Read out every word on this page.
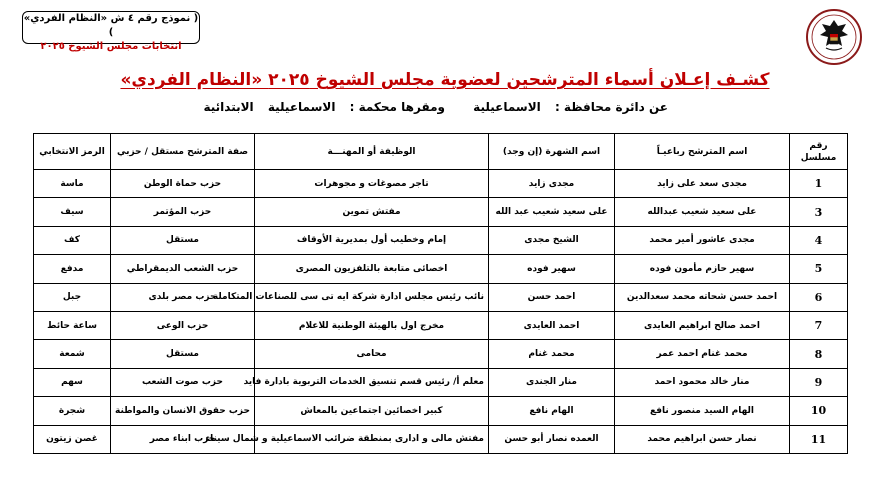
( نموذج رقم ٤ ش «النظام الفردي» )
انتخابات مجلس الشيوخ ٢٠٢٥
كشـف إعـلان أسماء المترشحين لعضوية مجلس الشيوخ ٢٠٢٥ «النظام الفردي»
عن دائرة محافظة : الاسماعيلية ومقرها محكمة : الاسماعيلية الابتدائية
رقم مسلسل	اسم المترشح رباعيـاً	اسم الشهرة (إن وجد)	الوظيفة أو المهنـــة	صفة المترشح مستقل / حزبي	الرمز الانتخابي
1	مجدى سعد على زايد	مجدى زايد	تاجر مصوغات و مجوهرات	حزب حماة الوطن	ماسة
3	على سعيد شعيب عبدالله	على سعيد شعيب عبد الله	مفتش تموين	حزب المؤتمر	سيف
4	مجدى عاشور أمير محمد	الشيخ مجدى	إمام وخطيب أول بمديرية الأوقاف	مستقل	كف
5	سهير حازم مأمون فوده	سهير فوده	اخصائى متابعة بالتلفزيون المصرى	حزب الشعب الديمقراطي	مدفع
6	احمد حسن شحاته محمد سعدالدين	احمد حسن	نائب رئيس مجلس ادارة شركة ايه تى سى للصناعات المتكاملة	حزب مصر بلدى	جبل
7	احمد صالح ابراهيم العايدى	احمد العايدى	مخرج اول بالهيئة الوطنية للاعلام	حزب الوعى	ساعة حائط
8	محمد غنام احمد عمر	محمد غنام	محامى	مستقل	شمعة
9	منار خالد محمود احمد	منار الجندى	معلم أ/ رئيس قسم تنسيق الخدمات التربوية بادارة فايد	حزب صوت الشعب	سهم
10	الهام السيد منصور نافع	الهام نافع	كبير اخصائين اجتماعين بالمعاش	حزب حقوق الانسان والمواطنة	شجرة
11	نصار حسن ابراهيم محمد	العمده نصار أبو حسن	مفتش مالى و ادارى بمنطقة ضرائب الاسماعيلية و شمال سيناء	حزب ابناء مصر	غصن زيتون
